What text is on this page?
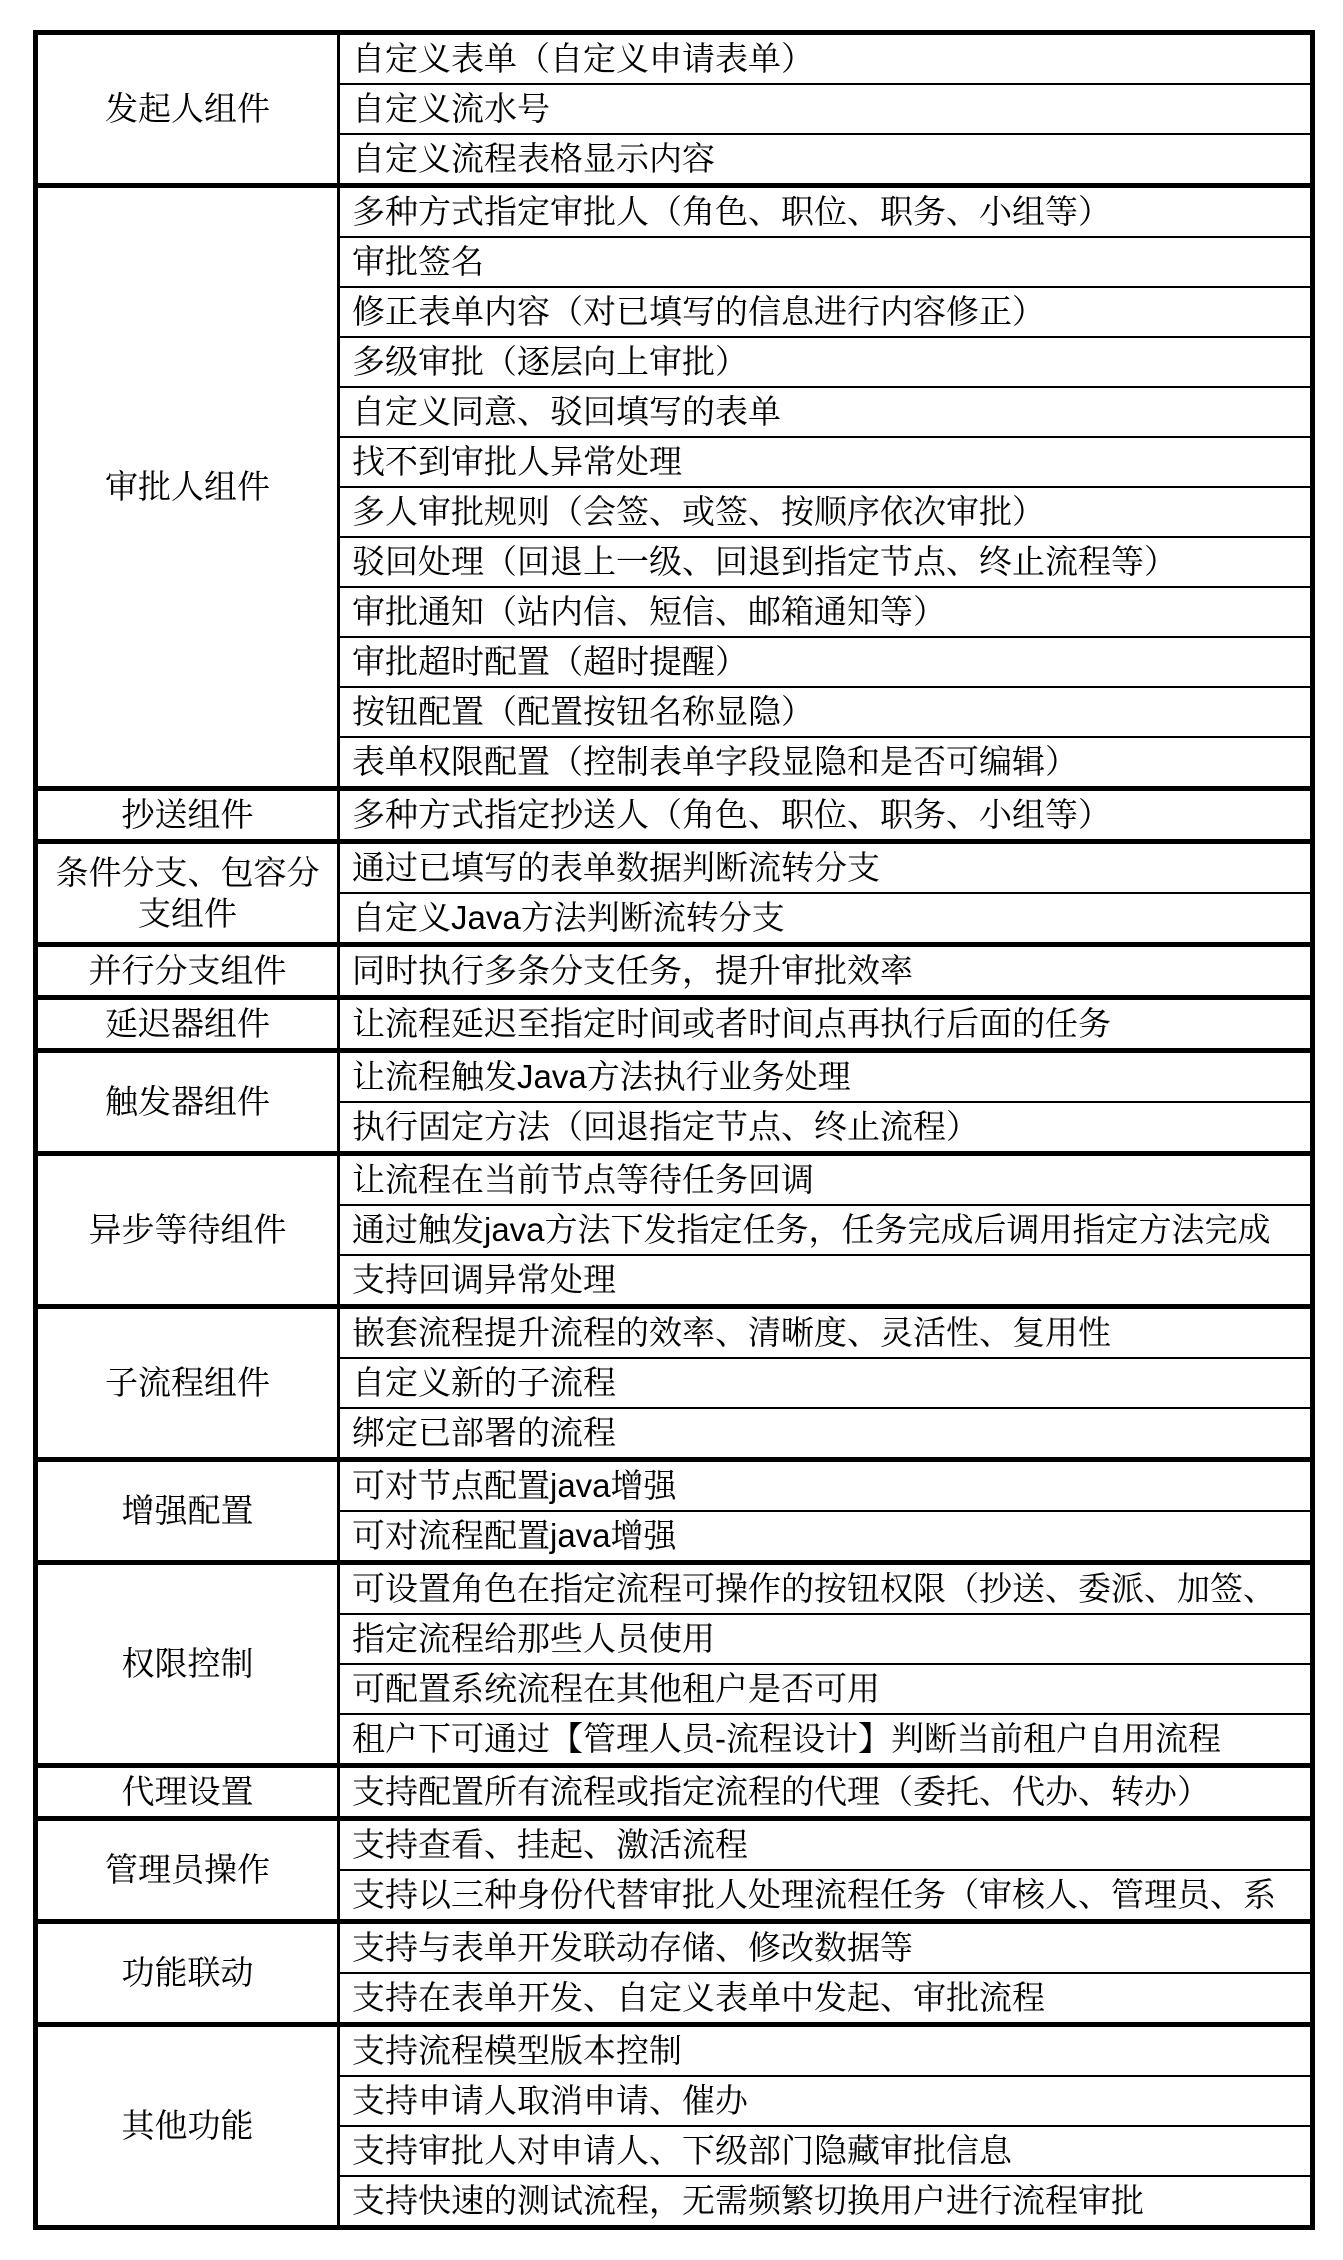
发起人组件	自定义表单（自定义申请表单）
	自定义流水号
	自定义流程表格显示内容
审批人组件	多种方式指定审批人（角色、职位、职务、小组等）
	审批签名
	修正表单内容（对已填写的信息进行内容修正）
	多级审批（逐层向上审批）
	自定义同意、驳回填写的表单
	找不到审批人异常处理
	多人审批规则（会签、或签、按顺序依次审批）
	驳回处理（回退上一级、回退到指定节点、终止流程等）
	审批通知（站内信、短信、邮箱通知等）
	审批超时配置（超时提醒）
	按钮配置（配置按钮名称显隐）
	表单权限配置（控制表单字段显隐和是否可编辑）
抄送组件	多种方式指定抄送人（角色、职位、职务、小组等）
条件分支、包容分支组件	通过已填写的表单数据判断流转分支
	自定义Java方法判断流转分支
并行分支组件	同时执行多条分支任务，提升审批效率
延迟器组件	让流程延迟至指定时间或者时间点再执行后面的任务
触发器组件	让流程触发Java方法执行业务处理
	执行固定方法（回退指定节点、终止流程）
异步等待组件	让流程在当前节点等待任务回调
	通过触发java方法下发指定任务，任务完成后调用指定方法完成
	支持回调异常处理
子流程组件	嵌套流程提升流程的效率、清晰度、灵活性、复用性
	自定义新的子流程
	绑定已部署的流程
增强配置	可对节点配置java增强
	可对流程配置java增强
权限控制	可设置角色在指定流程可操作的按钮权限（抄送、委派、加签、
	指定流程给那些人员使用
	可配置系统流程在其他租户是否可用
	租户下可通过【管理人员-流程设计】判断当前租户自用流程
代理设置	支持配置所有流程或指定流程的代理（委托、代办、转办）
管理员操作	支持查看、挂起、激活流程
	支持以三种身份代替审批人处理流程任务（审核人、管理员、系
功能联动	支持与表单开发联动存储、修改数据等
	支持在表单开发、自定义表单中发起、审批流程
其他功能	支持流程模型版本控制
	支持申请人取消申请、催办
	支持审批人对申请人、下级部门隐藏审批信息
	支持快速的测试流程，无需频繁切换用户进行流程审批
